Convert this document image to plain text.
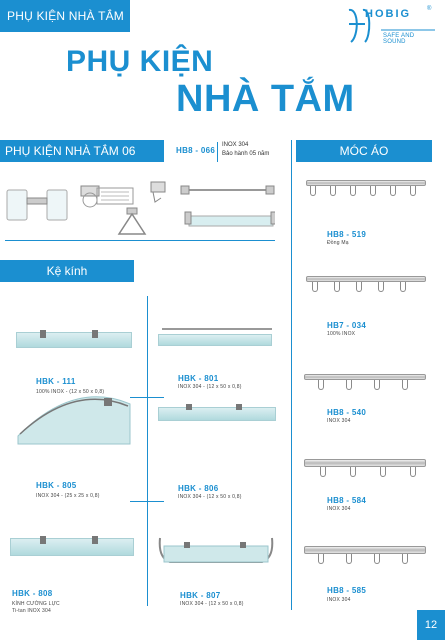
PHỤ KIỆN NHÀ TẮM	HOBIG	®
SAFE AND SOUND
PHỤ KIỆN
NHÀ TẮM
PHỤ KIỆN NHÀ TẮM 06 MÓN
HB8 - 066
INOX 304
Bảo hành 05 năm	MÓC ÁO
HB8 - 519
Đồng Mạ
HB7 - 034
100% INOX
HB8 - 540
INOX 304
HB8 - 584
INOX 304
HB8 - 585
INOX 304
Kệ kính
HBK - 111
100% INOX - (12 x 50 x 0,8)
HBK - 801
INOX 304 - (12 x 50 x 0,8)
HBK - 805
INOX 304 - (25 x 25 x 0,8)
HBK - 806
INOX 304 - (12 x 50 x 0,8)
HBK - 808
KÍNH CƯỜNG LỰC
Ti-tan INOX 304
HBK - 807
INOX 304 - (12 x 50 x 0,8)
12
